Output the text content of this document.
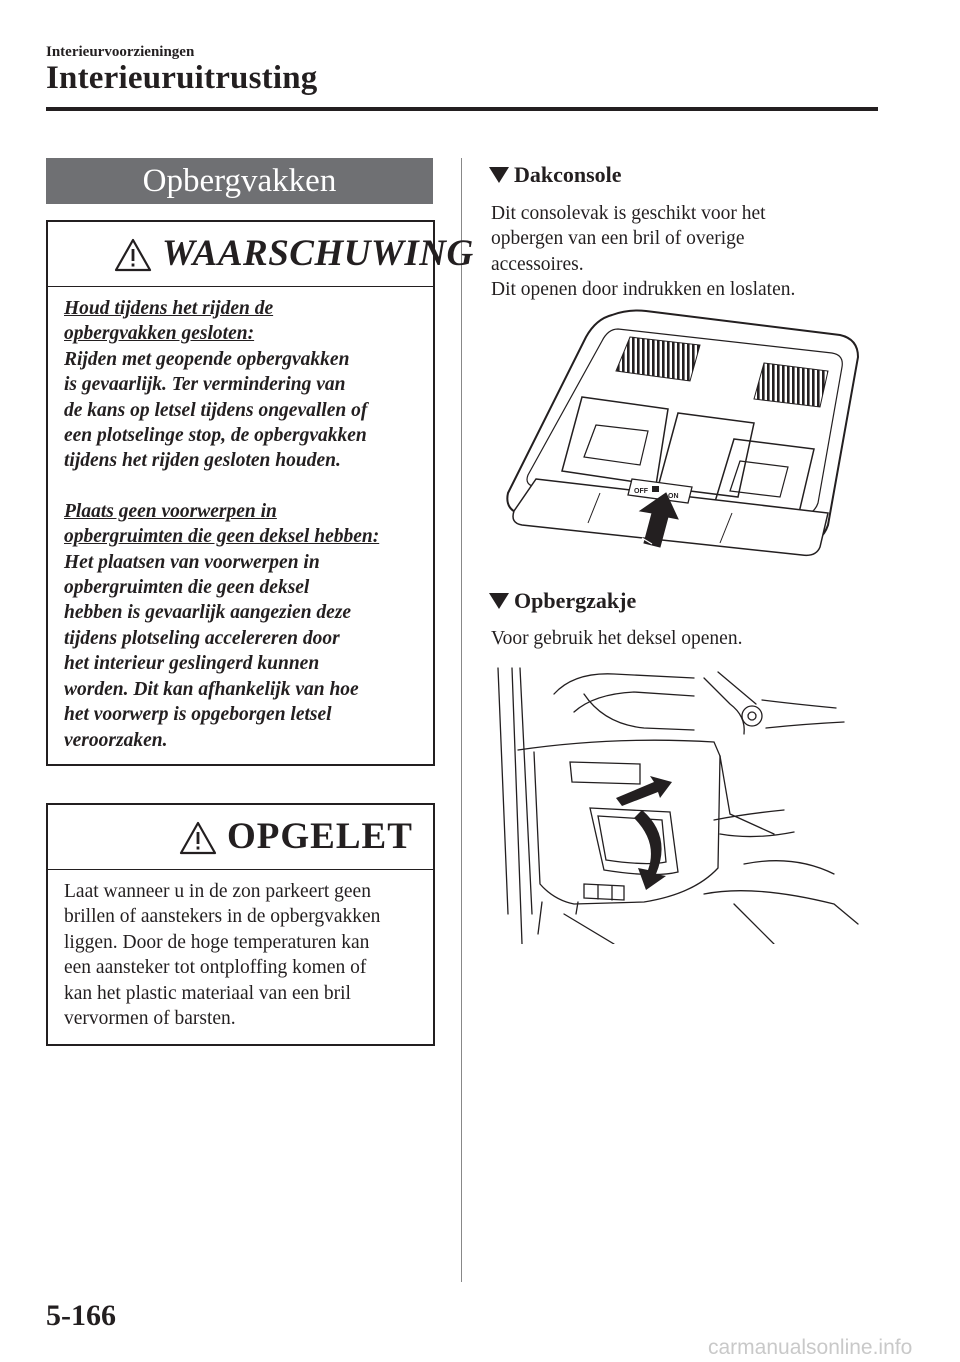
Interieurvoorzieningen
Interieuruitrusting
Opbergvakken
WAARSCHUWING

Houd tijdens het rijden de

opbergvakken gesloten:

Rijden met geopende opbergvakken

is gevaarlijk. Ter vermindering van

de kans op letsel tijdens ongevallen of

een plotselinge stop, de opbergvakken

tijdens het rijden gesloten houden.

Plaats geen voorwerpen in

opbergruimten die geen deksel hebben:

Het plaatsen van voorwerpen in

opbergruimten die geen deksel

hebben is gevaarlijk aangezien deze

tijdens plotseling accelereren door

het interieur geslingerd kunnen

worden. Dit kan afhankelijk van hoe

het voorwerp is opgeborgen letsel

veroorzaken.

OPGELET

Laat wanneer u in de zon parkeert geen

brillen of aanstekers in de opbergvakken

liggen. Door de hoge temperaturen kan

een aansteker tot ontploffing komen of

kan het plastic materiaal van een bril

vervormen of barsten.

Dakconsole

Dit consolevak is geschikt voor het

opbergen van een bril of overige

accessoires.

Dit openen door indrukken en loslaten.

OFF
ON
Opbergzakje

Voor gebruik het deksel openen.

5-166
carmanualsonline.info
